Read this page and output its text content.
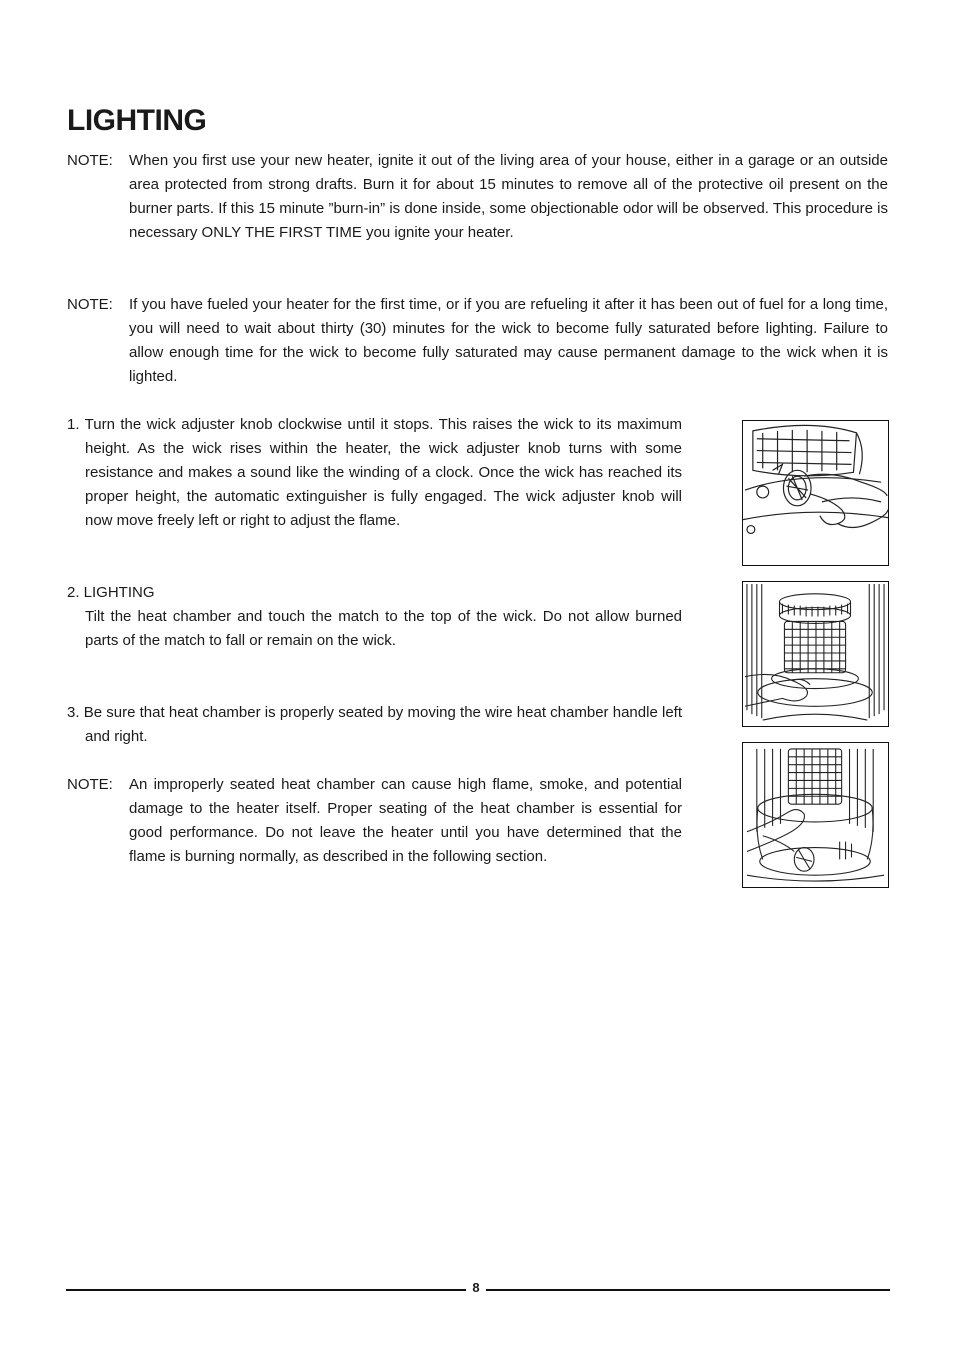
LIGHTING
NOTE: When you first use your new heater, ignite it out of the living area of your house, either in a garage or an outside area protected from strong drafts. Burn it for about 15 minutes to remove all of the protective oil present on the burner parts. If this 15 minute ”burn-in” is done inside, some objectionable odor will be observed. This procedure is necessary ONLY THE FIRST TIME you ignite your heater.
NOTE: If you have fueled your heater for the first time, or if you are refueling it after it has been out of fuel for a long time, you will need to wait about thirty (30) minutes for the wick to become fully saturated before lighting. Failure to allow enough time for the wick to become fully saturated may cause permanent damage to the wick when it is lighted.
1. Turn the wick adjuster knob clockwise until it stops. This raises the wick to its maximum height. As the wick rises within the heater, the wick adjuster knob turns with some resistance and makes a sound like the winding of a clock. Once the wick has reached its proper height, the automatic extinguisher is fully engaged. The wick adjuster knob will now move freely left or right to adjust the flame.
2. LIGHTING
Tilt the heat chamber and touch the match to the top of the wick. Do not allow burned parts of the match to fall or remain on the wick.
3. Be sure that heat chamber is properly seated by moving the wire heat chamber handle left and right.
NOTE: An improperly seated heat chamber can cause high flame, smoke, and potential damage to the heater itself. Proper seating of the heat chamber is essential for good performance. Do not leave the heater until you have determined that the flame is burning normally, as described in the following section.
8
